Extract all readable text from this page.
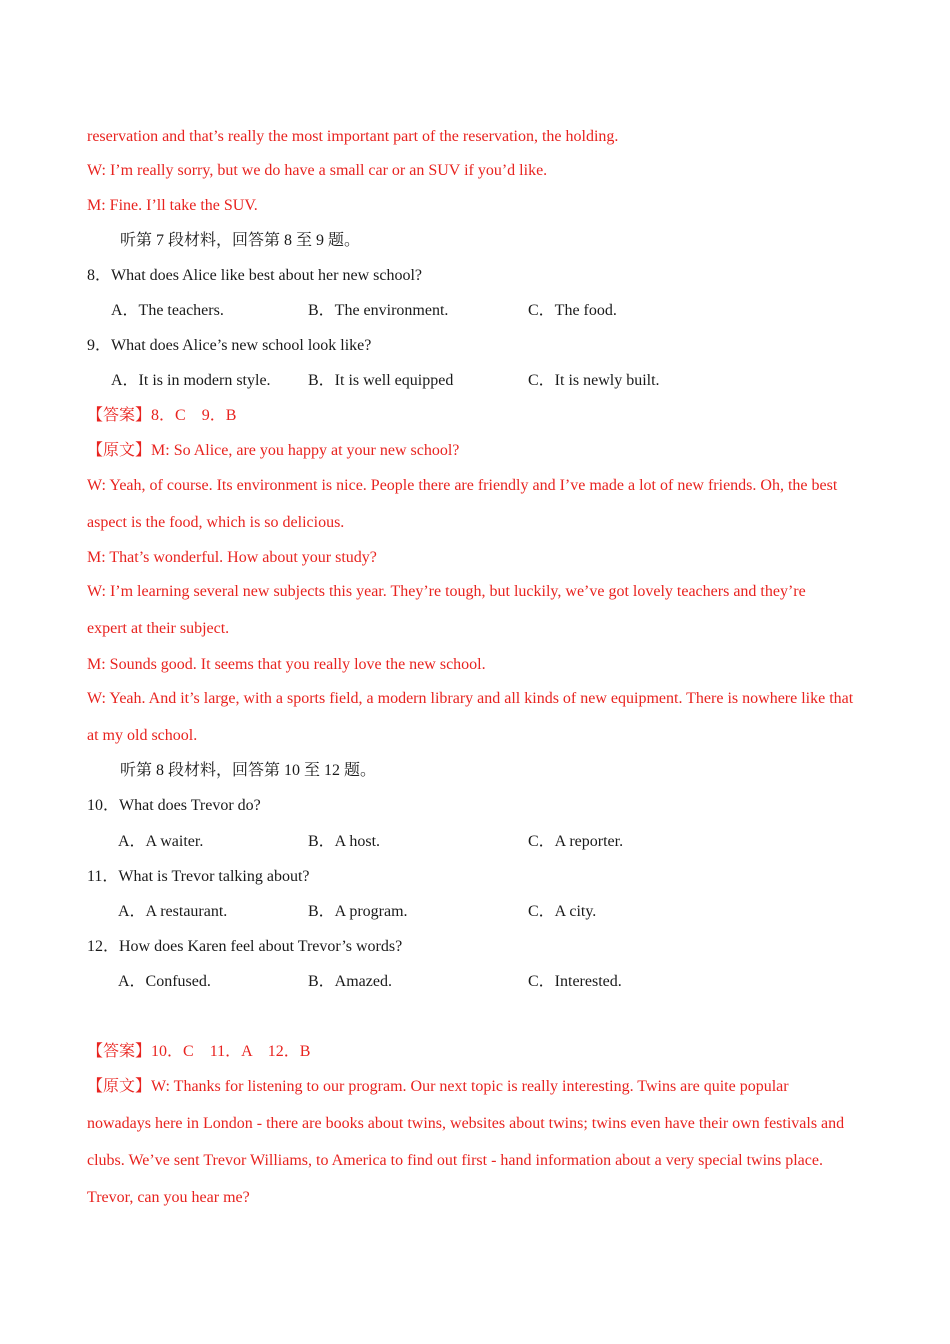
reservation and that’s really the most important part of the reservation, the holding.
W: I’m really sorry, but we do have a small car or an SUV if you’d like.
M: Fine. I’ll take the SUV.
听第 7 段材料，回答第 8 至 9 题。
8．What does Alice like best about her new school?
A．The teachers.	B．The environment.	C．The food.
9．What does Alice’s new school look like?
A．It is in modern style. B．It is well equipped	C．It is newly built.
【答案】8．C    9．B
【原文】M: So Alice, are you happy at your new school?
W: Yeah, of course. Its environment is nice. People there are friendly and I’ve made a lot of new friends. Oh, the best aspect is the food, which is so delicious.
M: That’s wonderful. How about your study?
W: I’m learning several new subjects this year. They’re tough, but luckily, we’ve got lovely teachers and they’re expert at their subject.
M: Sounds good. It seems that you really love the new school.
W: Yeah. And it’s large, with a sports field, a modern library and all kinds of new equipment. There is nowhere like that at my old school.
听第 8 段材料，回答第 10 至 12 题。
10．What does Trevor do?
A．A waiter.	B．A host.	C．A reporter.
11．What is Trevor talking about?
A．A restaurant.	B．A program.	C．A city.
12．How does Karen feel about Trevor’s words?
A．Confused.	B．Amazed.	C．Interested.
【答案】10．C    11．A    12．B
【原文】W: Thanks for listening to our program. Our next topic is really interesting. Twins are quite popular nowadays here in London - there are books about twins, websites about twins; twins even have their own festivals and clubs. We’ve sent Trevor Williams, to America to find out first - hand information about a very special twins place. Trevor, can you hear me?
